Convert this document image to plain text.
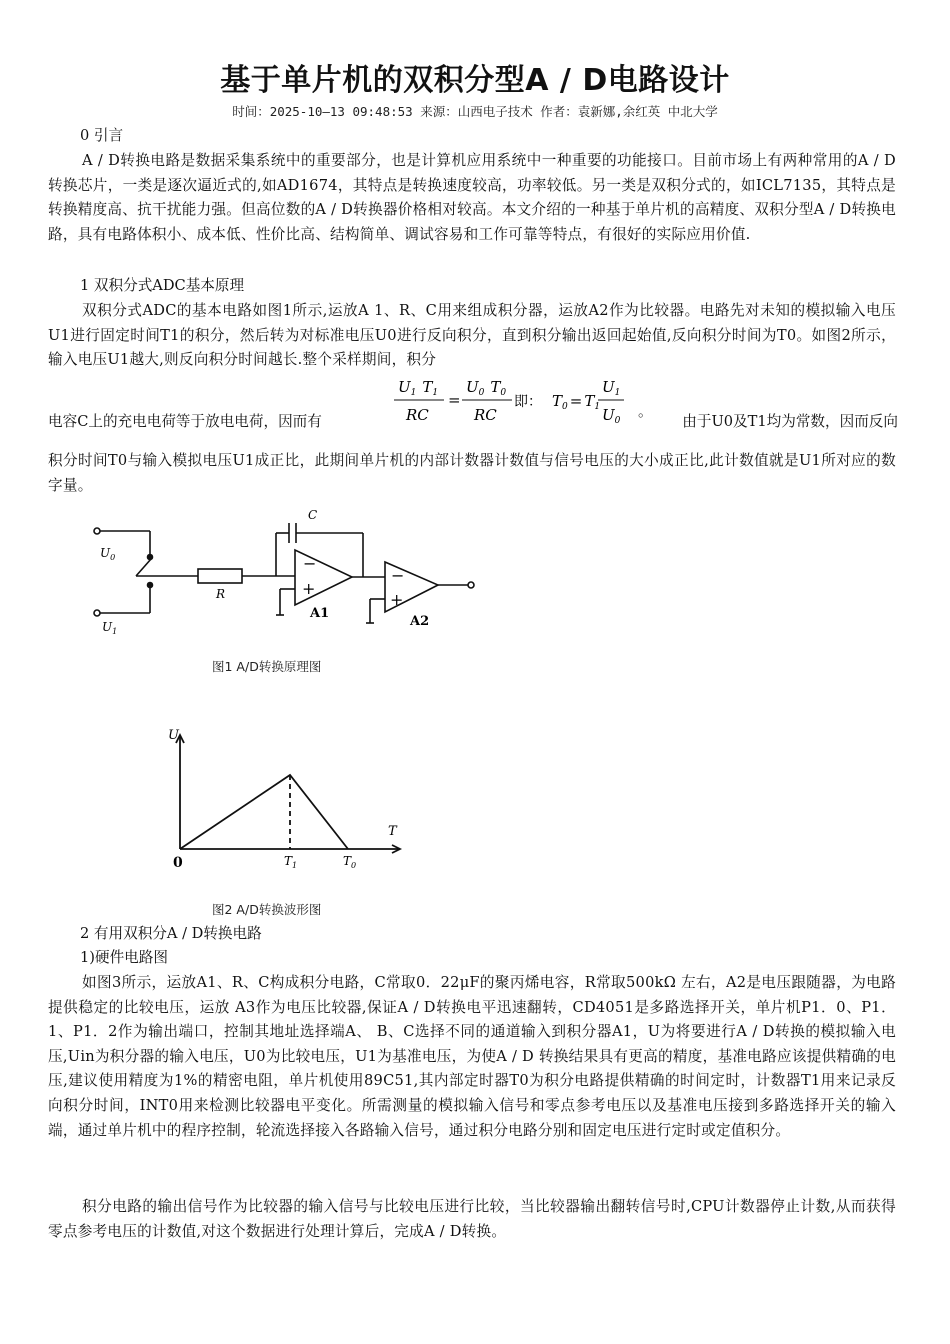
基于单片机的双积分型A / D电路设计
时间：2025-10—13 09:48:53 来源：山西电子技术 作者：袁新娜,余红英 中北大学

0 引言

A / D转换电路是数据采集系统中的重要部分，也是计算机应用系统中一种重要的功能接口。目前市场上有两种常用的A / D转换芯片，一类是逐次逼近式的,如AD1674，其特点是转换速度较高，功率较低。另一类是双积分式的，如ICL7135，其特点是转换精度高、抗干扰能力强。但高位数的A / D转换器价格相对较高。本文介绍的一种基于单片机的高精度、双积分型A / D转换电路，具有电路体积小、成本低、性价比高、结构简单、调试容易和工作可靠等特点，有很好的实际应用价值.

1 双积分式ADC基本原理

双积分式ADC的基本电路如图1所示,运放A 1、R、C用来组成积分器，运放A2作为比较器。电路先对未知的模拟输入电压U1进行固定时间T1的积分，然后转为对标准电压U0进行反向积分，直到积分输出返回起始值,反向积分时间为T0。如图2所示，输入电压U1越大,则反向积分时间越长.整个采样期间，积分

电容C上的充电电荷等于放电电荷，因而有
$U_1$ $T_1$
RC
=
$U_0$ $T_0$
RC
即： $T_0 = T_1$
$U_1$
$U_0$
。
由于U0及T1均为常数，因而反向

积分时间T0与输入模拟电压U1成正比，此期间单片机的内部计数器计数值与信号电压的大小成正比,此计数值就是U1所对应的数字量。

$U_0$
$U_1$
R
C
−
+
−
+
A1
A2
图1 A/D转换原理图
U
T
0	$T_1$	$T_0$
图2 A/D转换波形图

2 有用双积分A / D转换电路

1)硬件电路图

如图3所示，运放A1、R、C构成积分电路，C常取0．22μF的聚丙烯电容，R常取500kΩ 左右，A2是电压跟随器，为电路提供稳定的比较电压，运放 A3作为电压比较器,保证A / D转换电平迅速翻转，CD4051是多路选择开关，单片机P1．0、P1．1、P1．2作为输出端口，控制其地址选择端A、 B、C选择不同的通道输入到积分器A1，U为将要进行A / D转换的模拟输入电压,Uin为积分器的输入电压，U0为比较电压，U1为基准电压，为使A / D 转换结果具有更高的精度，基准电路应该提供精确的电压,建议使用精度为1%的精密电阻，单片机使用89C51,其内部定时器T0为积分电路提供精确的时间定时，计数器T1用来记录反向积分时间，INT0用来检测比较器电平变化。所需测量的模拟输入信号和零点参考电压以及基准电压接到多路选择开关的输入端，通过单片机中的程序控制，轮流选择接入各路输入信号，通过积分电路分别和固定电压进行定时或定值积分。

积分电路的输出信号作为比较器的输入信号与比较电压进行比较，当比较器输出翻转信号时,CPU计数器停止计数,从而获得零点参考电压的计数值,对这个数据进行处理计算后，完成A / D转换。
